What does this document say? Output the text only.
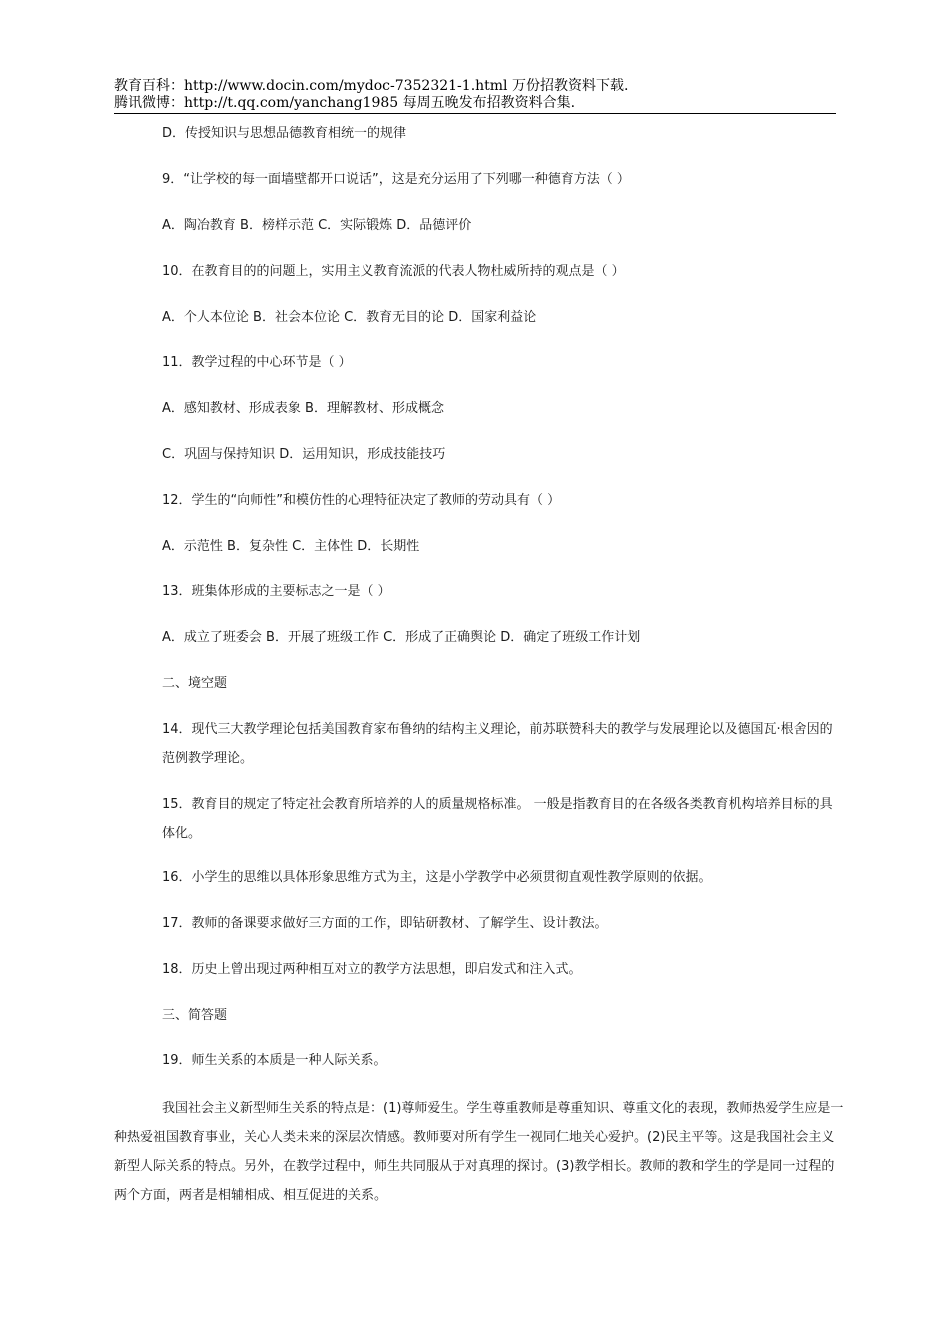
教育百科：http://www.docin.com/mydoc-7352321-1.html 万份招教资料下载.
腾讯微博：http://t.qq.com/yanchang1985 每周五晚发布招教资料合集.
D．传授知识与思想品德教育相统一的规律
9．“让学校的每一面墙壁都开口说话”，这是充分运用了下列哪一种德育方法（ ）
A．陶冶教育 B．榜样示范 C．实际锻炼 D．品德评价
10．在教育目的的问题上，实用主义教育流派的代表人物杜威所持的观点是（ ）
A．个人本位论 B．社会本位论 C．教育无目的论 D．国家利益论
11．教学过程的中心环节是（ ）
A．感知教材、形成表象 B．理解教材、形成概念
C．巩固与保持知识 D．运用知识，形成技能技巧
12．学生的“向师性”和模仿性的心理特征决定了教师的劳动具有（ ）
A．示范性 B．复杂性 C．主体性 D．长期性
13．班集体形成的主要标志之一是（ ）
A．成立了班委会 B．开展了班级工作 C．形成了正确舆论 D．确定了班级工作计划
二、境空题
14．现代三大教学理论包括美国教育家布鲁纳的结构主义理论，前苏联赞科夫的教学与发展理论以及德国瓦·根舍因的范例教学理论。
15．教育目的规定了特定社会教育所培养的人的质量规格标准。 一般是指教育目的在各级各类教育机构培养目标的具体化。
16．小学生的思维以具体形象思维方式为主，这是小学教学中必须贯彻直观性教学原则的依据。
17．教师的备课要求做好三方面的工作，即钻研教材、了解学生、设计教法。
18．历史上曾出现过两种相互对立的教学方法思想，即启发式和注入式。
三、简答题
19．师生关系的本质是一种人际关系。
我国社会主义新型师生关系的特点是：(1)尊师爱生。学生尊重教师是尊重知识、尊重文化的表现，教师热爱学生应是一种热爱祖国教育事业，关心人类未来的深层次情感。教师要对所有学生一视同仁地关心爱护。(2)民主平等。这是我国社会主义新型人际关系的特点。另外，在教学过程中，师生共同服从于对真理的探讨。(3)教学相长。教师的教和学生的学是同一过程的两个方面，两者是相辅相成、相互促进的关系。
